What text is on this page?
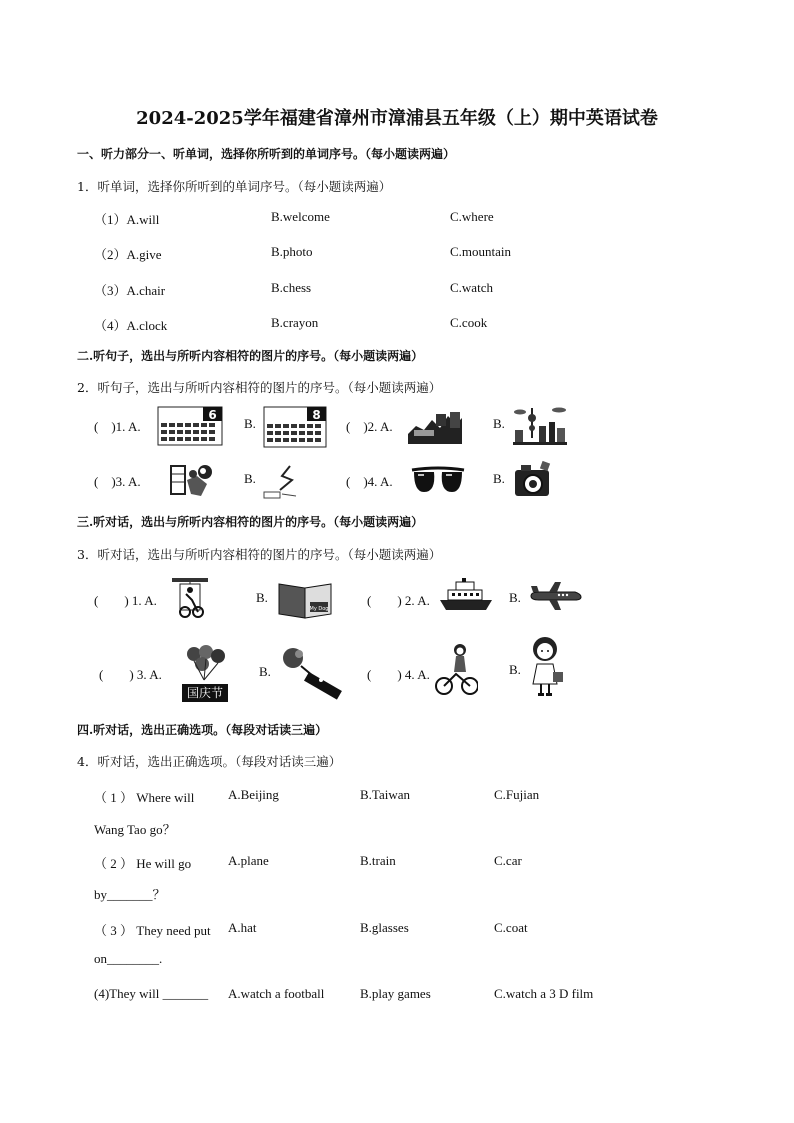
2024-2025学年福建省漳州市漳浦县五年级（上）期中英语试卷
一、听力部分一、听单词，选择你所听到的单词序号。（每小题读两遍）
1．听单词，选择你所听到的单词序号。（每小题读两遍）
（1）A.will	B.welcome	C.where
（2）A.give	B.photo	C.mountain
（3）A.chair	B.chess	C.watch
（4）A.clock	B.crayon	C.cook
二.听句子，选出与所听内容相符的图片的序号。（每小题读两遍）
2．听句子，选出与所听内容相符的图片的序号。（每小题读两遍）
(　)1. A.
6
B.
8
(　)2. A.	B.
(　)3. A.	B.	(　)4. A.	B.
三.听对话，选出与所听内容相符的图片的序号。（每小题读两遍）
3．听对话，选出与所听内容相符的图片的序号。（每小题读两遍）
(　　) 1. A.	B.
My Dog
(　　) 2. A.	B.
(　　) 3. A.
国庆节
B.	(　　) 4. A.	B.
四.听对话，选出正确选项。（每段对话读三遍）
4．听对话，选出正确选项。（每段对话读三遍）
（ 1 ） Where will	A.Beijing	B.Taiwan	C.Fujian
Wang Tao go？
（ 2 ） He will go	A.plane	B.train	C.car
by_______？
（ 3 ） They need put A.hat	B.glasses	C.coat
on________.
(4)They will _______ A.watch a football	B.play games	C.watch a 3 D film
